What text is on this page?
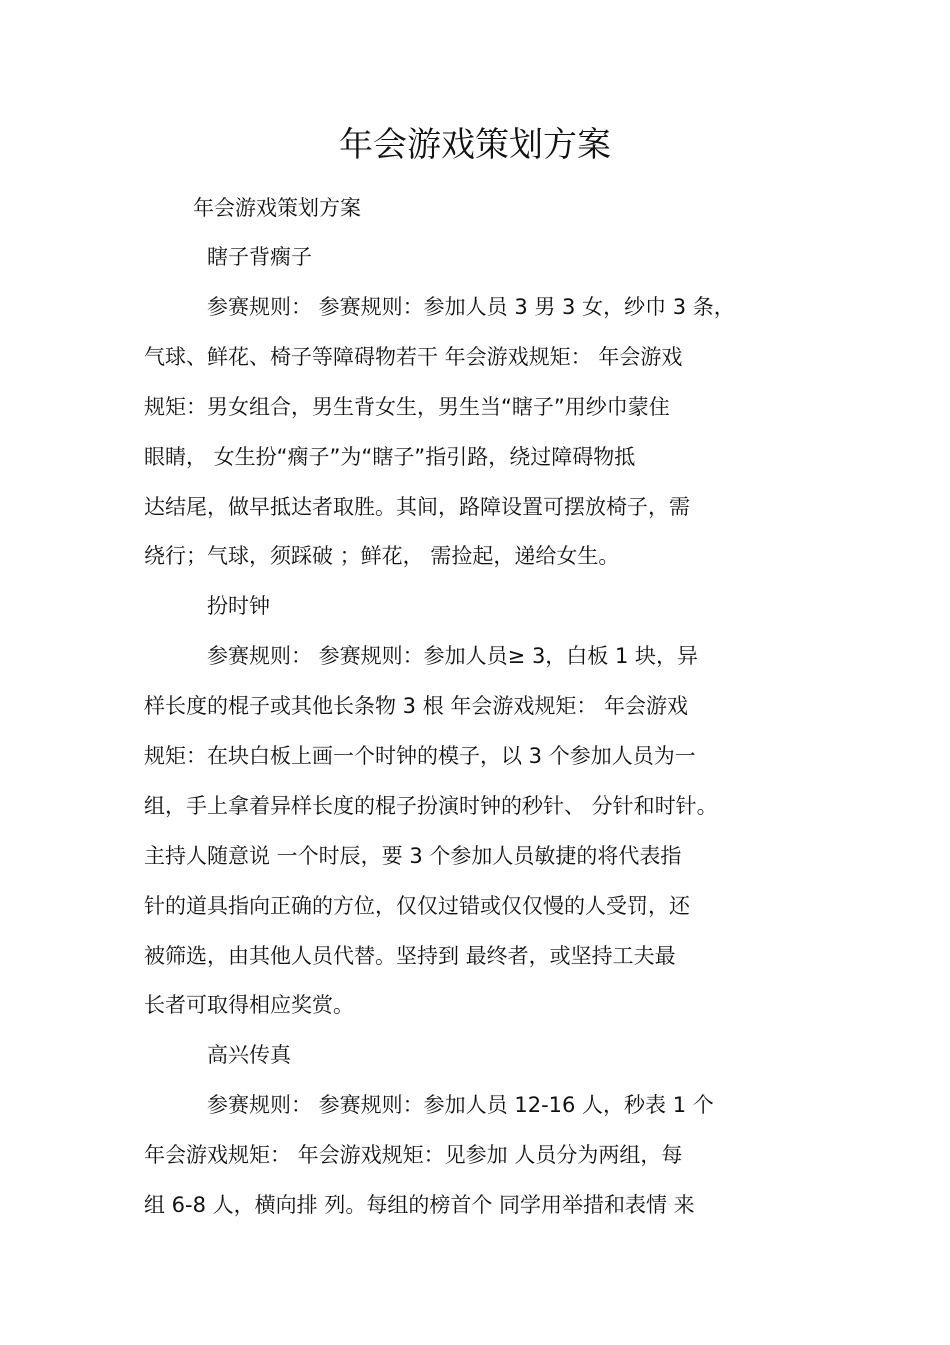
年会游戏策划方案
年会游戏策划方案
瞎子背瘸子
参赛规则： 参赛规则：参加人员 3 男 3 女，纱巾 3 条，
气球、鲜花、椅子等障碍物若干 年会游戏规矩： 年会游戏
规矩：男女组合，男生背女生，男生当“瞎子”用纱巾蒙住
眼睛， 女生扮“瘸子”为“瞎子”指引路，绕过障碍物抵
达结尾，做早抵达者取胜。其间，路障设置可摆放椅子，需
绕行；气球，须踩破 ；鲜花， 需捡起，递给女生。
扮时钟
参赛规则： 参赛规则：参加人员≥ 3，白板 1 块，异
样长度的棍子或其他长条物 3 根 年会游戏规矩： 年会游戏
规矩：在块白板上画一个时钟的模子，以 3 个参加人员为一
组，手上拿着异样长度的棍子扮演时钟的秒针、 分针和时针。
主持人随意说 一个时辰，要 3 个参加人员敏捷的将代表指
针的道具指向正确的方位，仅仅过错或仅仅慢的人受罚，还
被筛选，由其他人员代替。坚持到 最终者，或坚持工夫最
长者可取得相应奖赏。
高兴传真
参赛规则： 参赛规则：参加人员 12-16 人，秒表 1 个
年会游戏规矩： 年会游戏规矩：见参加 人员分为两组，每
组 6-8 人，横向排 列。每组的榜首个 同学用举措和表情 来
